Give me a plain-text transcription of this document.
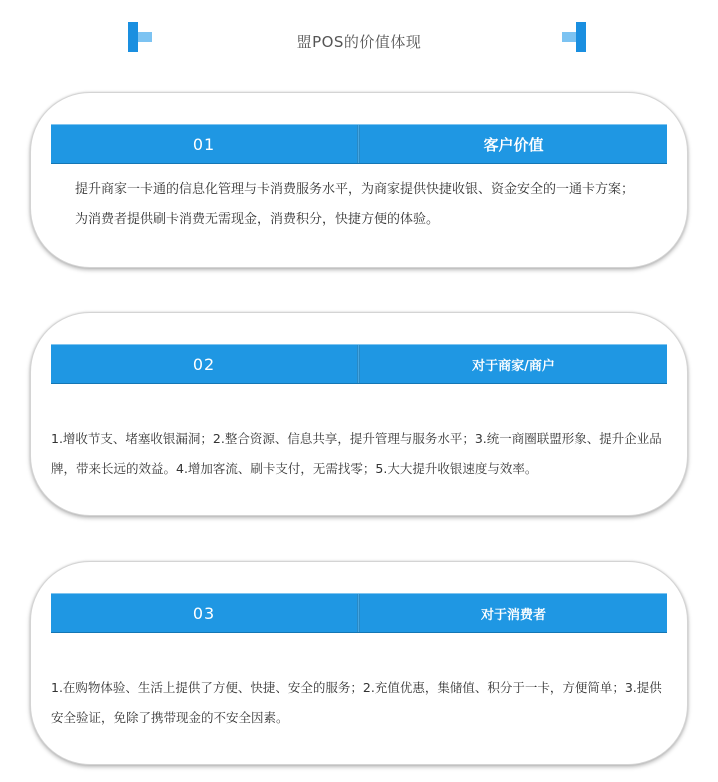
盟POS的价值体现
01	客户价值
提升商家一卡通的信息化管理与卡消费服务水平，为商家提供快捷收银、资金安全的一通卡方案；为消费者提供刷卡消费无需现金，消费积分，快捷方便的体验。
02	对于商家/商户
1.增收节支、堵塞收银漏洞；2.整合资源、信息共享，提升管理与服务水平；3.统一商圈联盟形象、提升企业品牌，带来长远的效益。4.增加客流、刷卡支付，无需找零；5.大大提升收银速度与效率。
03	对于消费者
1.在购物体验、生活上提供了方便、快捷、安全的服务；2.充值优惠，集储值、积分于一卡，方便简单；3.提供安全验证，免除了携带现金的不安全因素。
